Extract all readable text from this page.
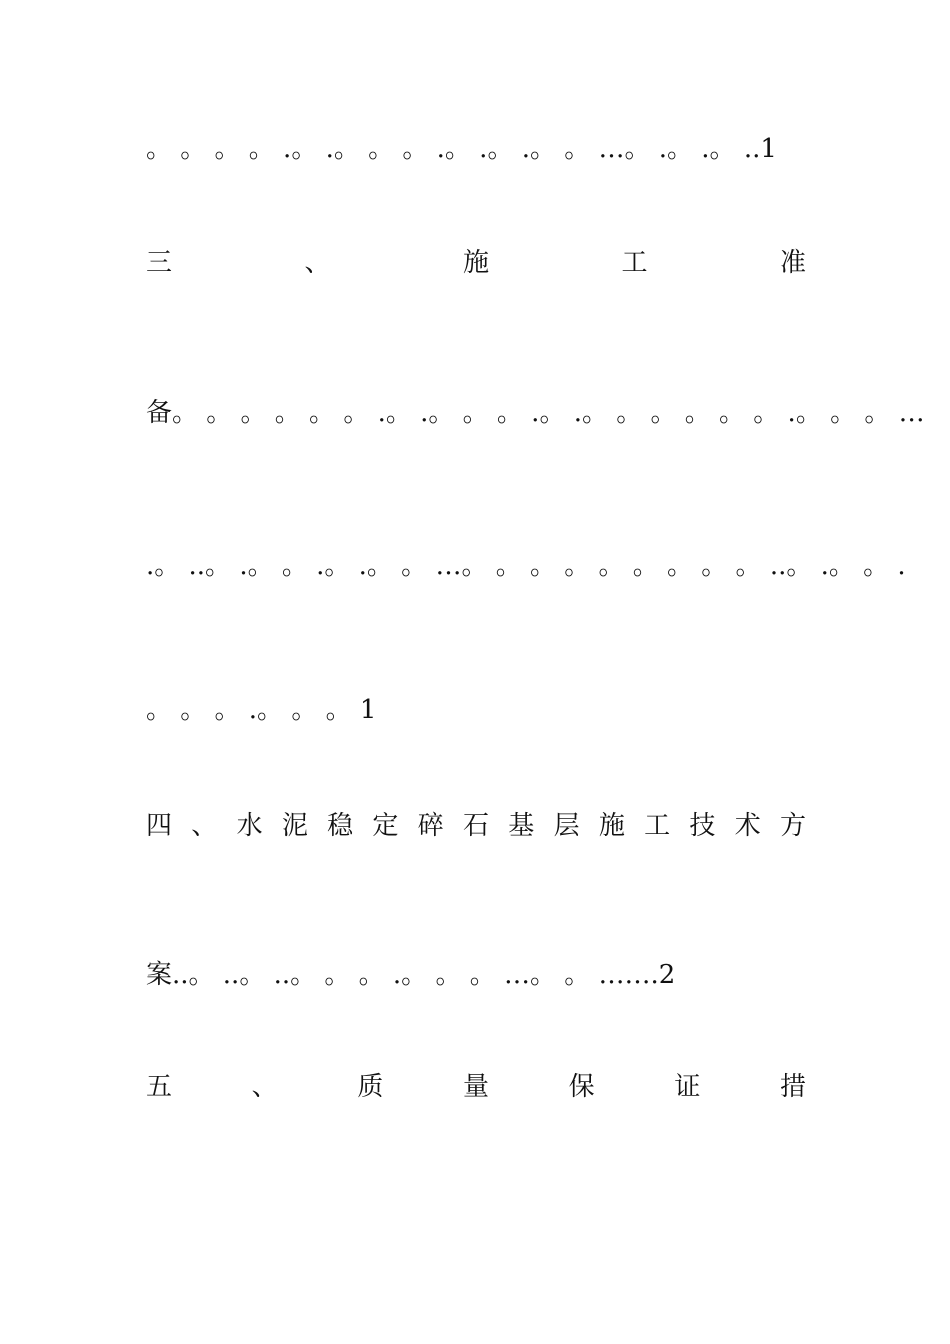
。 。 。 。 .。 .。 。 。 .。 .。 .。 。 …。 .。 .。 ..1
三 、 施 工 准
备。 。 。 。 。 。 .。 .。 。 。 .。 .。 。 。 。 。 。 .。 。 。 …
.。 ..。 .。 。 .。 .。 。 …。 。 。 。 。 。 。 。 。 ..。 .。 。 .
。 。 。 .。 。 。 1
四 、 水 泥 稳 定 碎 石 基 层 施 工 技 术 方
案..。 ..。 ..。 。 。 .。 。 。 …。 。 …….2
五 、 质 量 保 证 措
